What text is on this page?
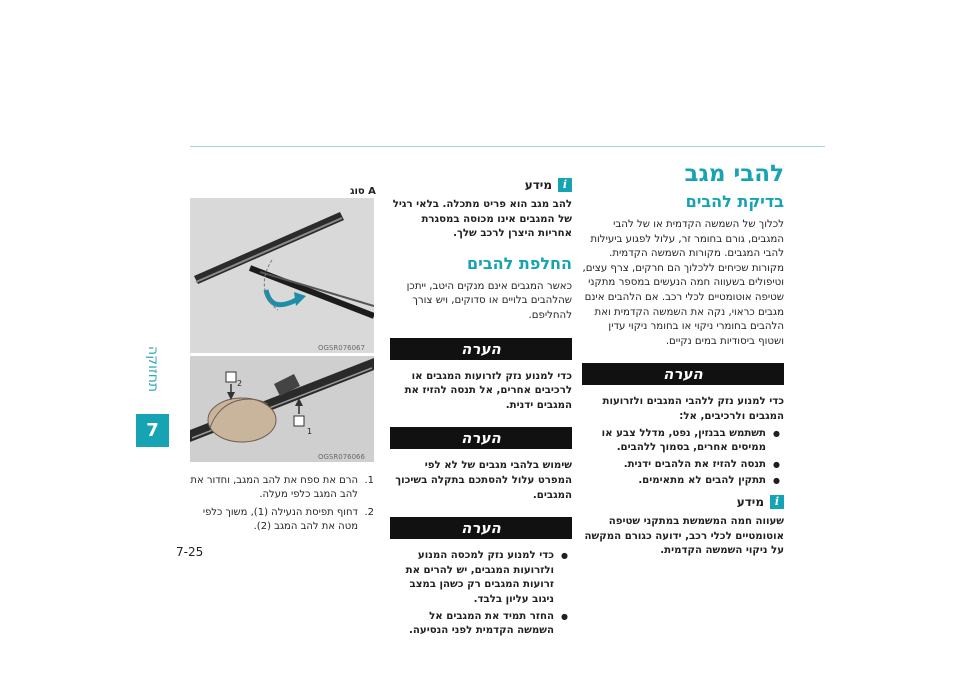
תחזוקה
7
7-25
להבי מגב
בדיקת להבים

לכלוך של השמשה הקדמית או של להבי המגבים, גורם בחומר זר, עלול לפגוע ביעילות להבי המגבים. מקורות השמשה הקדמית. מקורות שכיחים ללכלוך הם חרקים, צרף עצים, וטיפולים בשעווה חמה הנעשים במספר מתקני שטיפה אוטומטיים לכלי רכב. אם הלהבים אינם מגבים כראוי, נקה את השמשה הקדמית ואת הלהבים בחומרי ניקוי או בחומר ניקוי עדין ושטוף ביסודיות במים נקיים.

הערה

כדי למנוע נזק ללהבי המגבים ולזרועות המגבים ולרכיבים, אל:

● תשתמש בבנזין, נפט, מדלל צבע או ממיסים אחרים, בסמוך ללהבים.
● תנסה להזיז את הלהבים ידנית.
● תתקין להבים לא מתאימים.
i
מידע

שעווה חמה המשמשת במתקני שטיפה אוטומטיים לכלי רכב, ידועה כגורם המקשה על ניקוי השמשה הקדמית.

i
מידע

להב מגב הוא פריט מתכלה. בלאי רגיל של המגבים אינו מכוסה במסגרת אחריות היצרן לרכב שלך.

החלפת להבים

כאשר המגבים אינם מנקים היטב, ייתכן שהלהבים בלויים או סדוקים, ויש צורך להחליפם.

הערה

כדי למנוע נזק לזרועות המגבים או לרכיבים אחרים, אל תנסה להזיז את המגבים ידנית.

הערה

שימוש בלהבי מגבים של לא לפי המפרט עלול להסתכם בתקלה בשיכוך המגבים.

הערה
● כדי למנוע נזק למכסה המנוע ולזרועות המגבים, יש להרים את זרועות המגבים רק כשהן במצב ניגוב עליון בלבד.
● החזר תמיד את המגבים אל השמשה הקדמית לפני הנסיעה.
סוג A
OGSR076067
OGSR076066
1
2
1.
הרם את ספח את להב המגב, וחדור את להב המגב כלפי מעלה.
2.
דחוף תפיסת הנעילה (1), משוך כלפי מטה את להב המגב (2).
